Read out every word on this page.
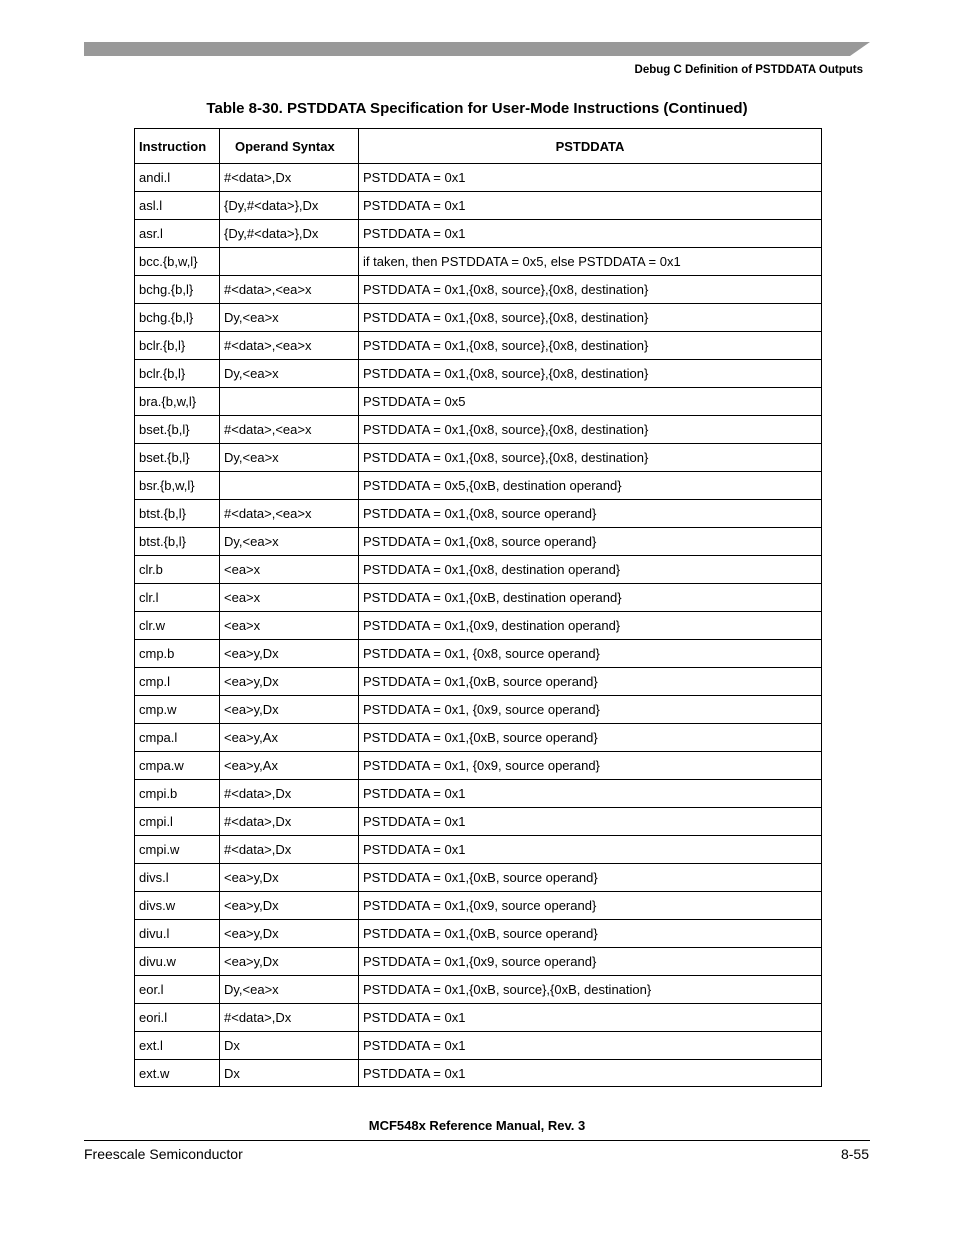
Debug C Definition of PSTDDATA Outputs
Table 8-30. PSTDDATA Specification for User-Mode Instructions (Continued)
Instruction	Operand Syntax	PSTDDATA
andi.l	#<data>,Dx	PSTDDATA = 0x1
asl.l	{Dy,#<data>},Dx	PSTDDATA = 0x1
asr.l	{Dy,#<data>},Dx	PSTDDATA = 0x1
bcc.{b,w,l}		if taken, then PSTDDATA = 0x5, else PSTDDATA = 0x1
bchg.{b,l}	#<data>,<ea>x	PSTDDATA = 0x1,{0x8, source},{0x8, destination}
bchg.{b,l}	Dy,<ea>x	PSTDDATA = 0x1,{0x8, source},{0x8, destination}
bclr.{b,l}	#<data>,<ea>x	PSTDDATA = 0x1,{0x8, source},{0x8, destination}
bclr.{b,l}	Dy,<ea>x	PSTDDATA = 0x1,{0x8, source},{0x8, destination}
bra.{b,w,l}		PSTDDATA = 0x5
bset.{b,l}	#<data>,<ea>x	PSTDDATA = 0x1,{0x8, source},{0x8, destination}
bset.{b,l}	Dy,<ea>x	PSTDDATA = 0x1,{0x8, source},{0x8, destination}
bsr.{b,w,l}		PSTDDATA = 0x5,{0xB, destination operand}
btst.{b,l}	#<data>,<ea>x	PSTDDATA = 0x1,{0x8, source operand}
btst.{b,l}	Dy,<ea>x	PSTDDATA = 0x1,{0x8, source operand}
clr.b	<ea>x	PSTDDATA = 0x1,{0x8, destination operand}
clr.l	<ea>x	PSTDDATA = 0x1,{0xB, destination operand}
clr.w	<ea>x	PSTDDATA = 0x1,{0x9, destination operand}
cmp.b	<ea>y,Dx	PSTDDATA = 0x1, {0x8, source operand}
cmp.l	<ea>y,Dx	PSTDDATA = 0x1,{0xB, source operand}
cmp.w	<ea>y,Dx	PSTDDATA = 0x1, {0x9, source operand}
cmpa.l	<ea>y,Ax	PSTDDATA = 0x1,{0xB, source operand}
cmpa.w	<ea>y,Ax	PSTDDATA = 0x1, {0x9, source operand}
cmpi.b	#<data>,Dx	PSTDDATA = 0x1
cmpi.l	#<data>,Dx	PSTDDATA = 0x1
cmpi.w	#<data>,Dx	PSTDDATA = 0x1
divs.l	<ea>y,Dx	PSTDDATA = 0x1,{0xB, source operand}
divs.w	<ea>y,Dx	PSTDDATA = 0x1,{0x9, source operand}
divu.l	<ea>y,Dx	PSTDDATA = 0x1,{0xB, source operand}
divu.w	<ea>y,Dx	PSTDDATA = 0x1,{0x9, source operand}
eor.l	Dy,<ea>x	PSTDDATA = 0x1,{0xB, source},{0xB, destination}
eori.l	#<data>,Dx	PSTDDATA = 0x1
ext.l	Dx	PSTDDATA = 0x1
ext.w	Dx	PSTDDATA = 0x1
MCF548x Reference Manual, Rev. 3
Freescale Semiconductor	8-55
